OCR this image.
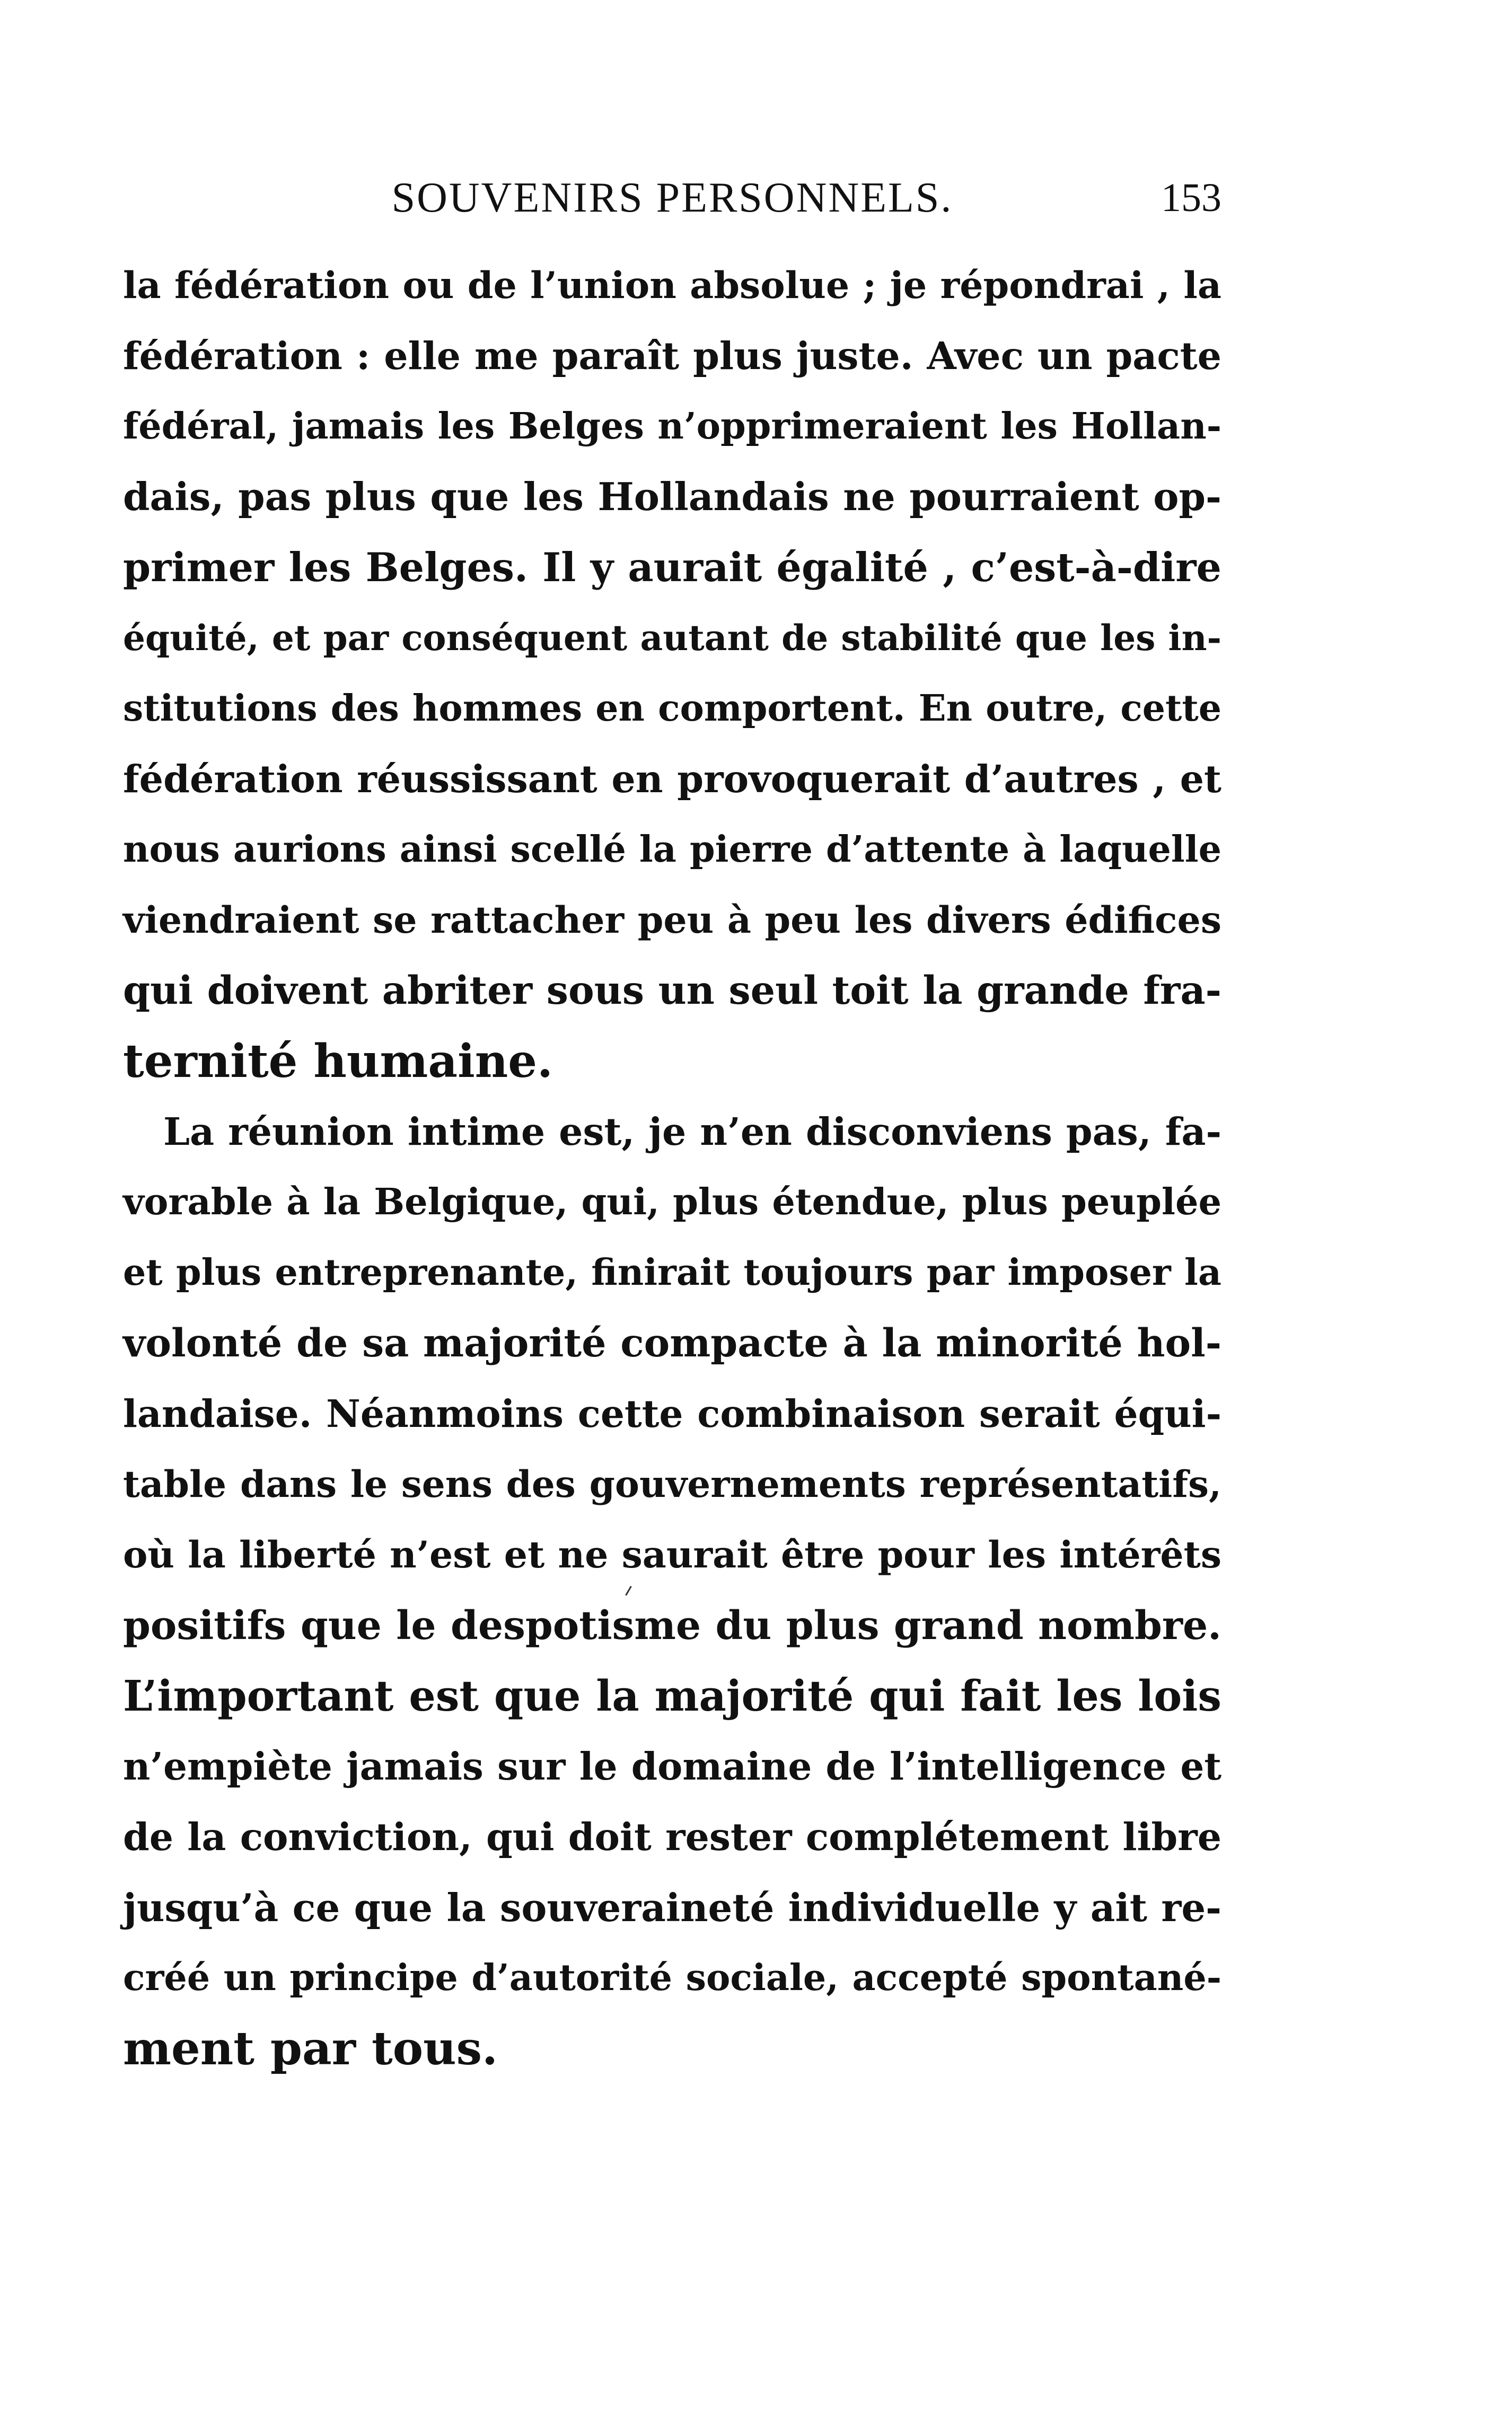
SOUVENIRS PERSONNELS.	153
la fédération ou de l’union absolue ; je répondrai , la
fédération : elle me paraît plus juste. Avec un pacte
fédéral, jamais les Belges n’opprimeraient les Hollan-
dais, pas plus que les Hollandais ne pourraient op-
primer les Belges. Il y aurait égalité , c’est-à-dire
équité, et par conséquent autant de stabilité que les in-
stitutions des hommes en comportent. En outre, cette
fédération réussissant en provoquerait d’autres , et
nous aurions ainsi scellé la pierre d’attente à laquelle
viendraient se rattacher peu à peu les divers édifices
qui doivent abriter sous un seul toit la grande fra-
ternité humaine.
La réunion intime est, je n’en disconviens pas, fa-
vorable à la Belgique, qui, plus étendue, plus peuplée
et plus entreprenante, finirait toujours par imposer la
volonté de sa majorité compacte à la minorité hol-
landaise. Néanmoins cette combinaison serait équi-
table dans le sens des gouvernements représentatifs,
où la liberté n’est et ne saurait être pour les intérêts
positifs que le despotisme du plus grand nombre.
L’important est que la majorité qui fait les lois
n’empiète jamais sur le domaine de l’intelligence et
de la conviction, qui doit rester complétement libre
jusqu’à ce que la souveraineté individuelle y ait re-
créé un principe d’autorité sociale, accepté spontané-
ment par tous.
